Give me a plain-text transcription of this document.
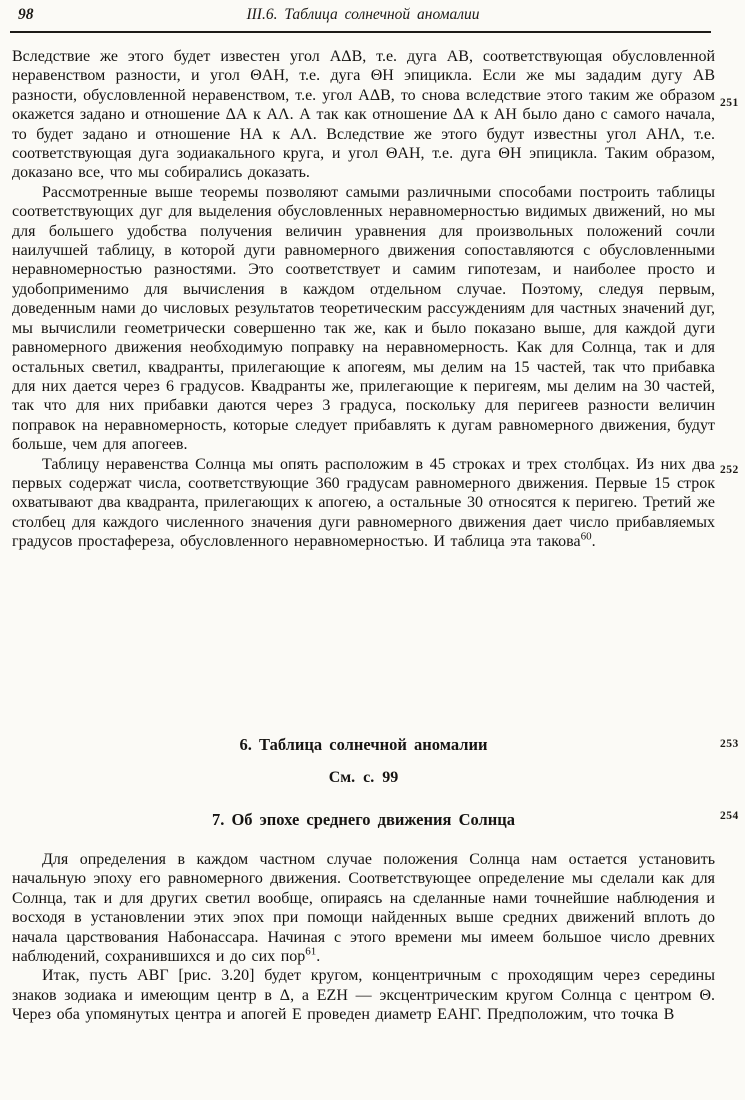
98	III.6. Таблица солнечной аномалии

Вследствие же этого будет известен угол АΔВ, т.е. дуга АВ, соответствующая обусловленной неравенством разности, и угол ΘАН, т.е. дуга ΘН эпицикла. Если же мы зададим дугу АВ разности, обусловленной неравенством, т.е. угол АΔВ, то снова вследствие этого таким же образом окажется задано и отношение ΔА к АΛ. А так как отношение ΔА к АН было дано с самого начала, то будет задано и отношение НА к АΛ. Вследствие же этого будут известны угол АНΛ, т.е. соответствующая дуга зодиакального круга, и угол ΘАН, т.е. дуга ΘН эпицикла. Таким образом, доказано все, что мы собирались доказать.

Рассмотренные выше теоремы позволяют самыми различными способами построить таблицы соответствующих дуг для выделения обусловленных неравномерностью видимых движений, но мы для большего удобства получения величин уравнения для произвольных положений сочли наилучшей таблицу, в которой дуги равномерного движения сопоставляются с обусловленными неравномерностью разностями. Это соответствует и самим гипотезам, и наиболее просто и удобоприменимо для вычисления в каждом отдельном случае. Поэтому, следуя первым, доведенным нами до числовых результатов теоретическим рассуждениям для частных значений дуг, мы вычислили геометрически совершенно так же, как и было показано выше, для каждой дуги равномерного движения необходимую поправку на неравномерность. Как для Солнца, так и для остальных светил, квадранты, прилегающие к апогеям, мы делим на 15 частей, так что прибавка для них дается через 6 градусов. Квадранты же, прилегающие к перигеям, мы делим на 30 частей, так что для них прибавки даются через 3 градуса, поскольку для перигеев разности величин поправок на неравномерность, которые следует прибавлять к дугам равномерного движения, будут больше, чем для апогеев.

Таблицу неравенства Солнца мы опять расположим в 45 строках и трех столбцах. Из них два первых содержат числа, соответствующие 360 градусам равномерного движения. Первые 15 строк охватывают два квадранта, прилегающих к апогею, а остальные 30 относятся к перигею. Третий же столбец для каждого численного значения дуги равномерного движения дает число прибавляемых градусов простафереза, обусловленного неравномерностью. И таблица эта такова$^{60}$.

6. Таблица солнечной аномалии

См. с. 99

7. Об эпохе среднего движения Солнца

Для определения в каждом частном случае положения Солнца нам остается установить начальную эпоху его равномерного движения. Соответствующее определение мы сделали как для Солнца, так и для других светил вообще, опираясь на сделанные нами точнейшие наблюдения и восходя в установлении этих эпох при помощи найденных выше средних движений вплоть до начала царствования Набонассара. Начиная с этого времени мы имеем большое число древних наблюдений, сохранившихся и до сих пор$^{61}$.

Итак, пусть АВГ [рис. 3.20] будет кругом, концентричным с проходящим через середины знаков зодиака и имеющим центр в Δ, а EZH — эксцентрическим кругом Солнца с центром Θ. Через оба упомянутых центра и апогей Е проведен диаметр ЕАНГ. Предположим, что точка В

251
252
253
254
